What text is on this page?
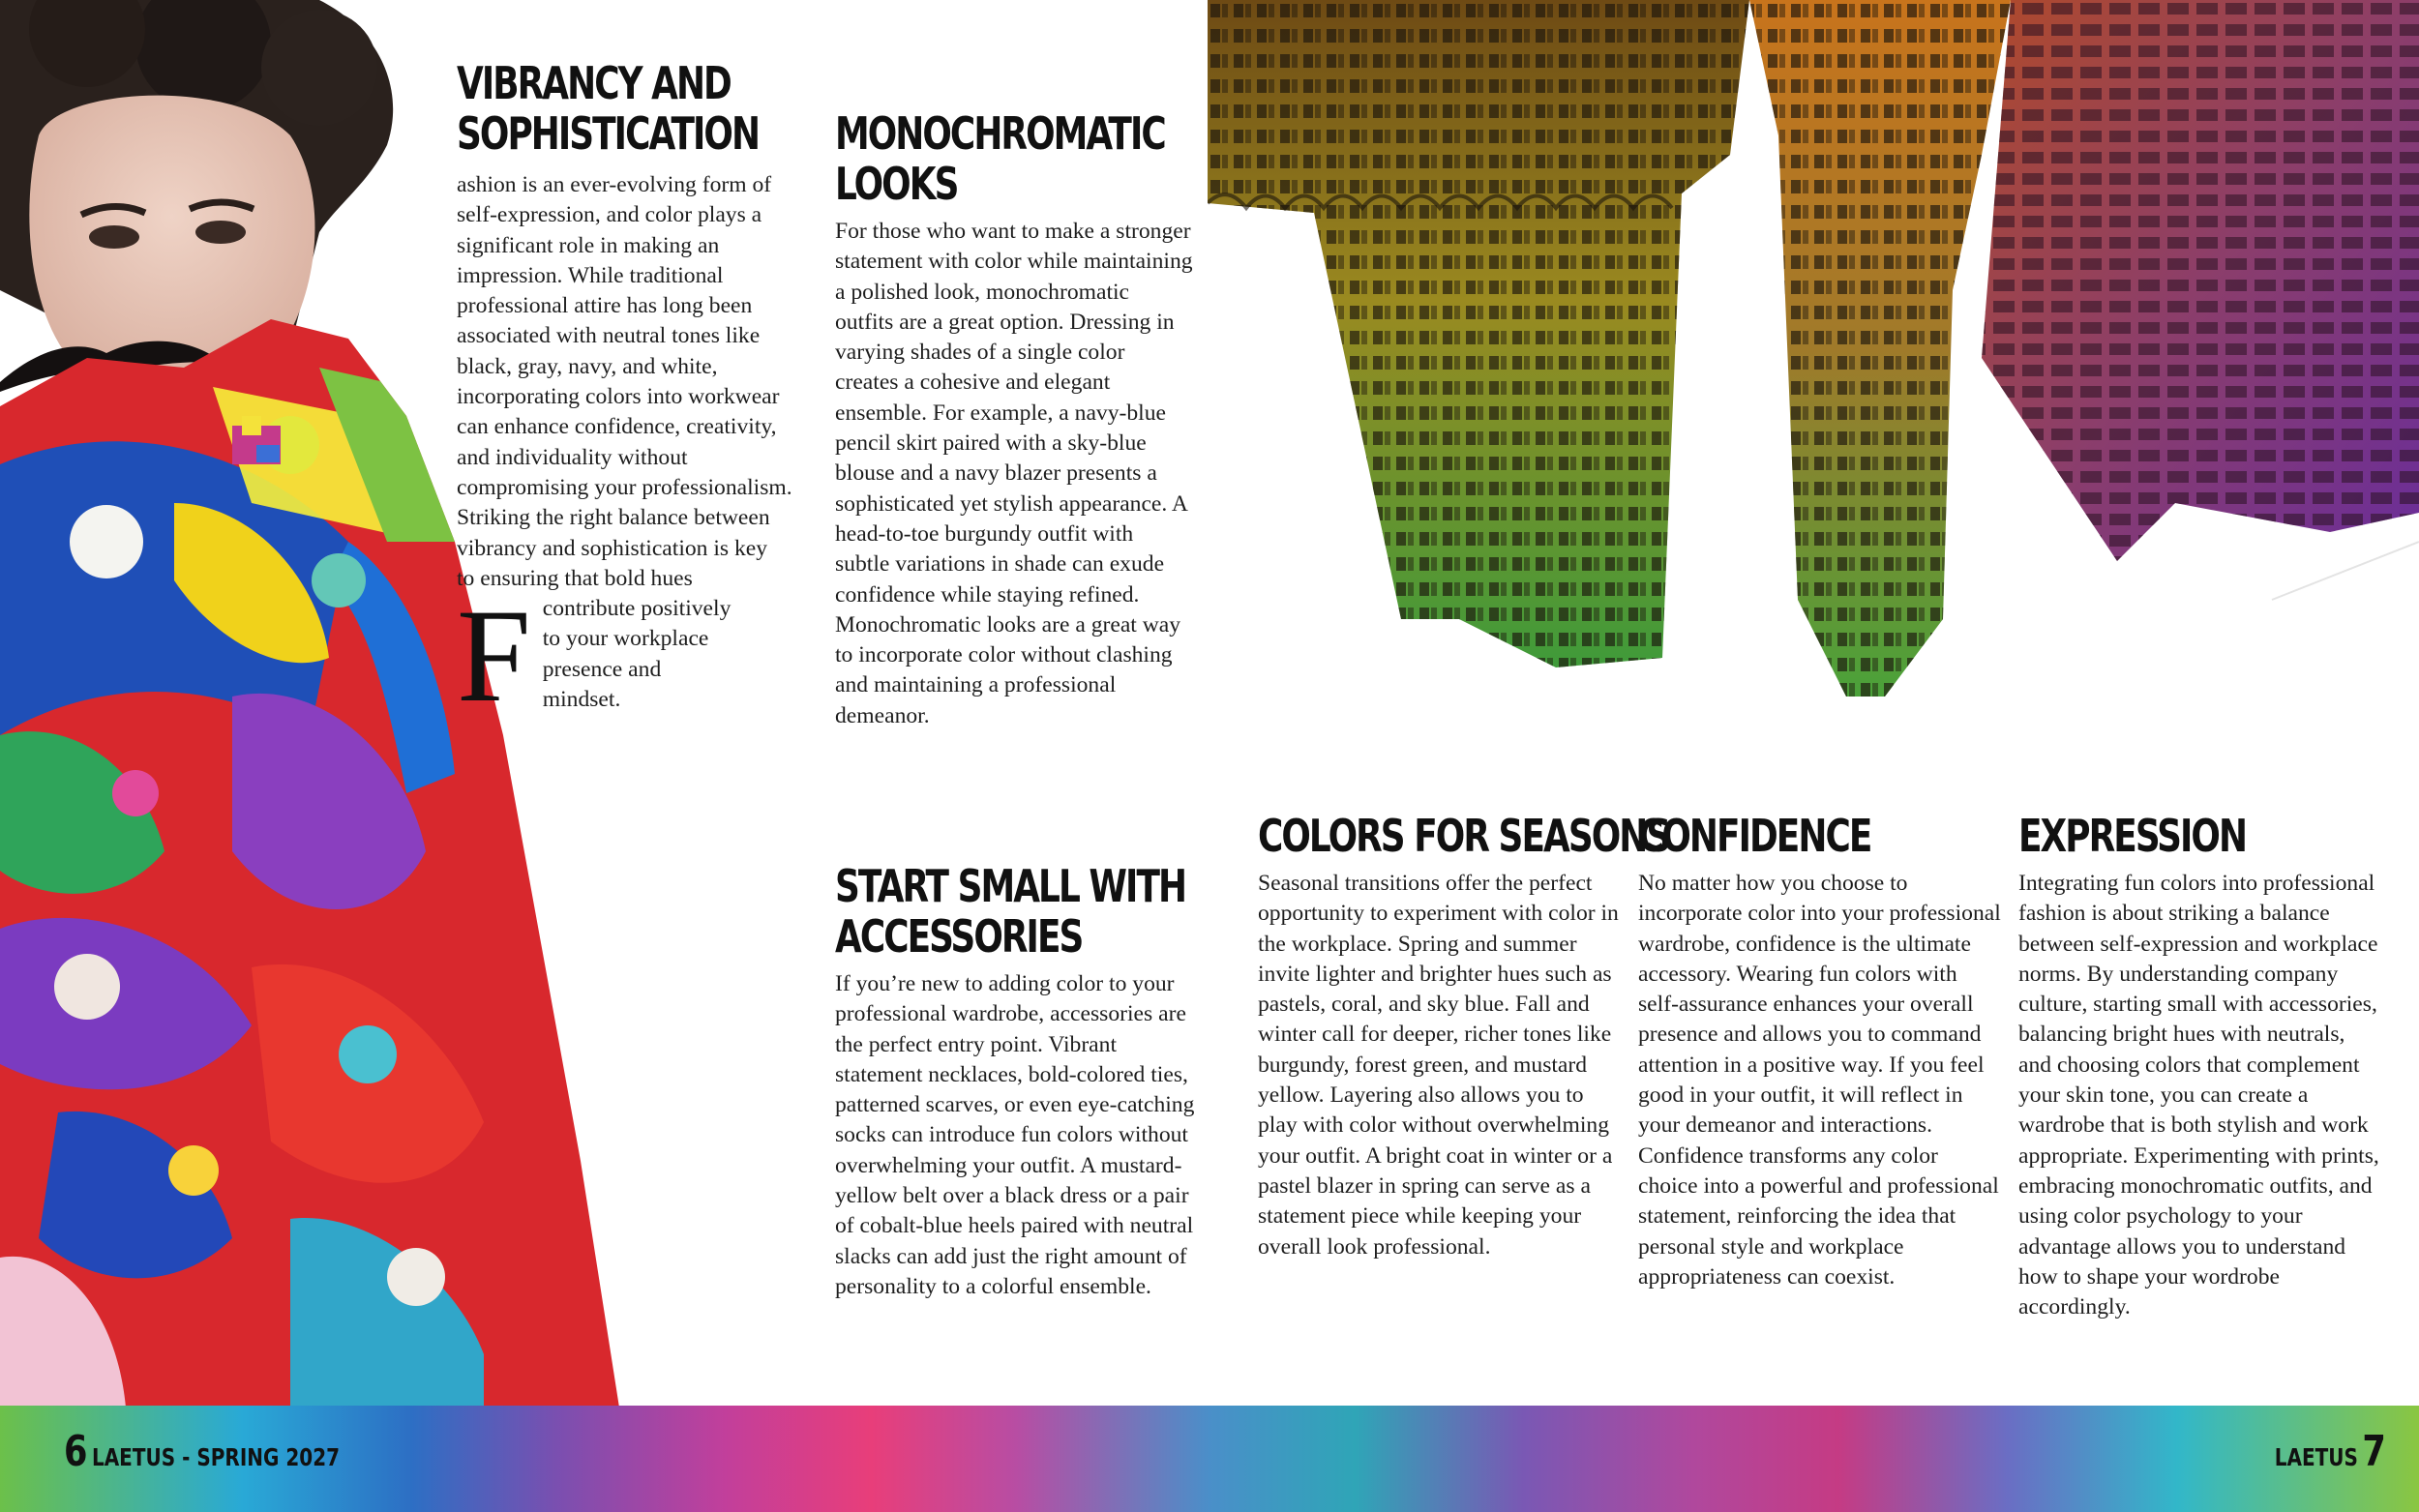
VIBRANCY AND
SOPHISTICATION
F
ashion is an ever-evolving form of self-expression, and color plays a significant role in making an impression. While traditional professional attire has long been associated with neutral tones like black, gray, navy, and white, incorporating colors into workwear can enhance confidence, creativity, and individuality without compromising your professionalism. Striking the right balance between vibrancy and sophistication is key to ensuring that bold hues contribute positively to your workplace presence and mindset.
MONOCHROMATIC
LOOKS
For those who want to make a stronger statement with color while maintaining a polished look, monochromatic outfits are a great option. Dressing in varying shades of a single color creates a cohesive and elegant ensemble. For example, a navy-blue pencil skirt paired with a sky-blue blouse and a navy blazer presents a sophisticated yet stylish appearance. A head-to-toe burgundy outfit with subtle variations in shade can exude confidence while staying refined. Monochromatic looks are a great way to incorporate color without clashing and maintaining a professional demeanor.
START SMALL WITH
ACCESSORIES
If you’re new to adding color to your professional wardrobe, accessories are the perfect entry point. Vibrant statement necklaces, bold-colored ties, patterned scarves, or even eye-catching socks can introduce fun colors without overwhelming your outfit. A mustard-yellow belt over a black dress or a pair of cobalt-blue heels paired with neutral slacks can add just the right amount of personality to a colorful ensemble.
COLORS FOR SEASONS
Seasonal transitions offer the perfect opportunity to experiment with color in the workplace. Spring and summer invite lighter and brighter hues such as pastels, coral, and sky blue. Fall and winter call for deeper, richer tones like burgundy, forest green, and mustard yellow. Layering also allows you to play with color without overwhelming your outfit. A bright coat in winter or a pastel blazer in spring can serve as a statement piece while keeping your overall look professional.
CONFIDENCE
No matter how you choose to incorporate color into your professional wardrobe, confidence is the ultimate accessory. Wearing fun colors with self-assurance enhances your overall presence and allows you to command attention in a positive way. If you feel good in your outfit, it will reflect in your demeanor and interactions. Confidence transforms any color choice into a powerful and professional statement, reinforcing the idea that personal style and workplace appropriateness can coexist.
EXPRESSION
Integrating fun colors into professional fashion is about striking a balance between self-expression and workplace norms. By understanding company culture, starting small with accessories, balancing bright hues with neutrals, and choosing colors that complement your skin tone, you can create a wardrobe that is both stylish and work appropriate. Experimenting with prints, embracing monochromatic outfits, and using color psychology to your advantage allows you to understand how to shape your wordrobe accordingly.
6 LAETUS - SPRING 2027	LAETUS 7
